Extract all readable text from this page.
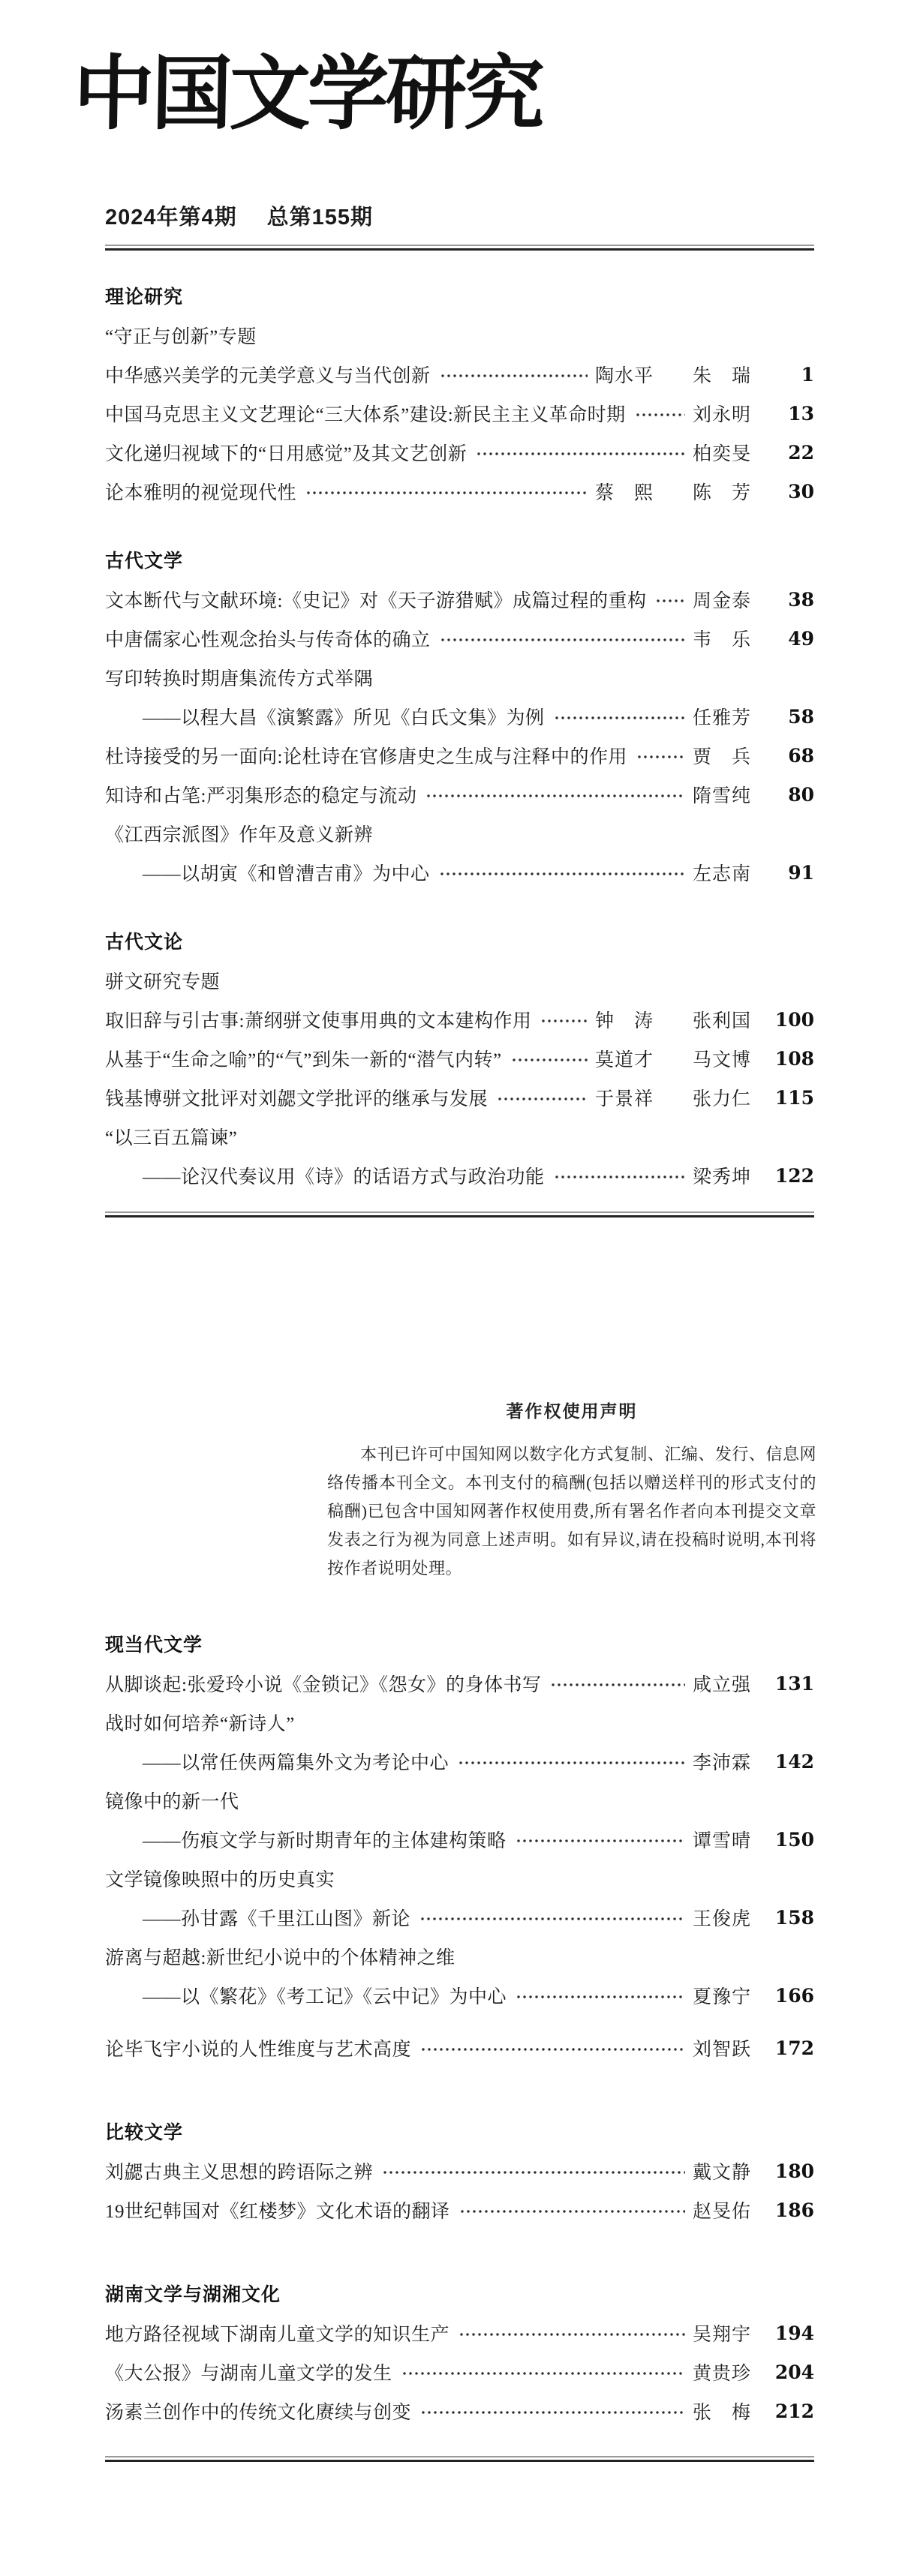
中国文学研究
2024年第4期 总第155期
理论研究
“守正与创新”专题
中华感兴美学的元美学意义与当代创新	陶水平　　朱　瑞	1
中国马克思主义文艺理论“三大体系”建设:新民主主义革命时期	刘永明	13
文化递归视域下的“日用感觉”及其文艺创新	柏奕旻	22
论本雅明的视觉现代性	蔡　熙　　陈　芳	30
古代文学
文本断代与文献环境:《史记》对《天子游猎赋》成篇过程的重构 周金泰	38
中唐儒家心性观念抬头与传奇体的确立	韦　乐	49
写印转换时期唐集流传方式举隅
——以程大昌《演繁露》所见《白氏文集》为例	任雅芳	58
杜诗接受的另一面向:论杜诗在官修唐史之生成与注释中的作用	贾　兵	68
知诗和占笔:严羽集形态的稳定与流动	隋雪纯	80
《江西宗派图》作年及意义新辨
——以胡寅《和曾漕吉甫》为中心	左志南	91
古代文论
骈文研究专题
取旧辞与引古事:萧纲骈文使事用典的文本建构作用	钟　涛　　张利国 100
从基于“生命之喻”的“气”到朱一新的“潜气内转”	莫道才　　马文博 108
钱基博骈文批评对刘勰文学批评的继承与发展	于景祥　　张力仁 115
“以三百五篇谏”
——论汉代奏议用《诗》的话语方式与政治功能	梁秀坤 122
著作权使用声明

本刊已许可中国知网以数字化方式复制、汇编、发行、信息网络传播本刊全文。本刊支付的稿酬(包括以赠送样刊的形式支付的稿酬)已包含中国知网著作权使用费,所有署名作者向本刊提交文章发表之行为视为同意上述声明。如有异议,请在投稿时说明,本刊将按作者说明处理。

现当代文学
从脚谈起:张爱玲小说《金锁记》《怨女》的身体书写	咸立强 131
战时如何培养“新诗人”
——以常任侠两篇集外文为考论中心	李沛霖 142
镜像中的新一代
——伤痕文学与新时期青年的主体建构策略	谭雪晴 150
文学镜像映照中的历史真实
——孙甘露《千里江山图》新论	王俊虎 158
游离与超越:新世纪小说中的个体精神之维
——以《繁花》《考工记》《云中记》为中心	夏豫宁 166
论毕飞宇小说的人性维度与艺术高度	刘智跃 172
比较文学
刘勰古典主义思想的跨语际之辨	戴文静 180
19世纪韩国对《红楼梦》文化术语的翻译	赵旻佑 186
湖南文学与湖湘文化
地方路径视域下湖南儿童文学的知识生产	吴翔宇 194
《大公报》与湖南儿童文学的发生	黄贵珍 204
汤素兰创作中的传统文化赓续与创变	张　梅 212
